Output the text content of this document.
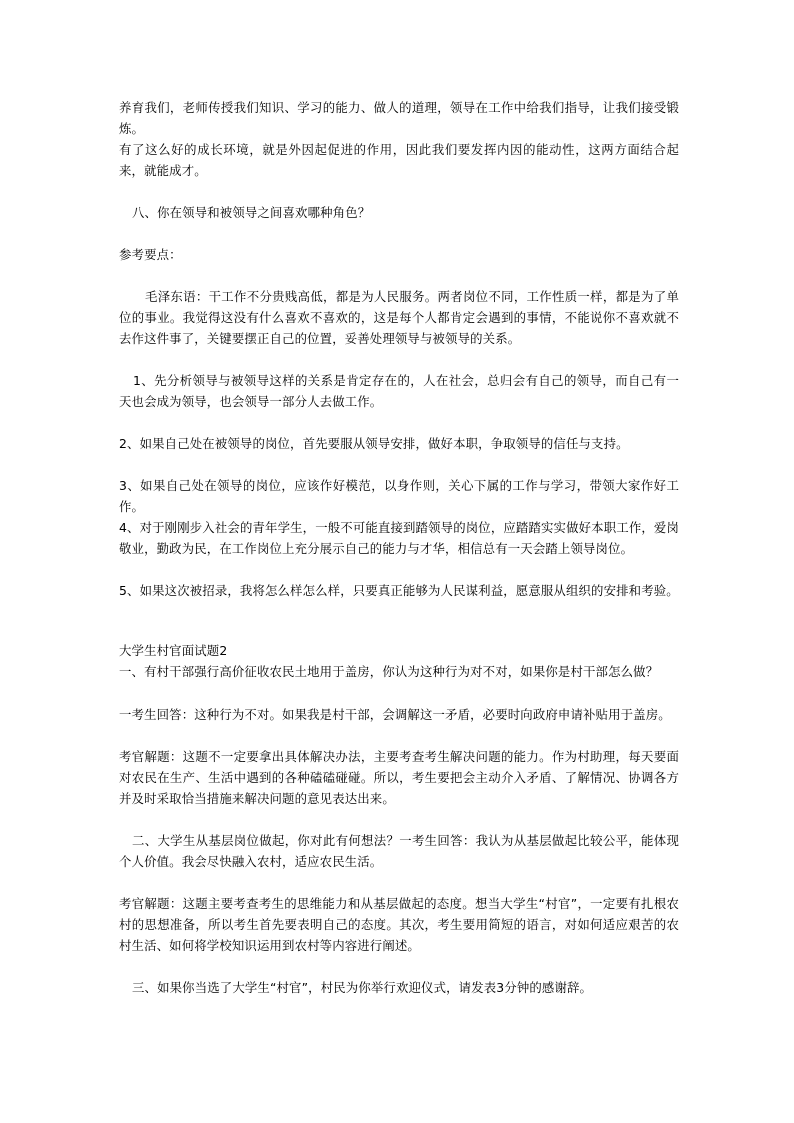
养育我们，老师传授我们知识、学习的能力、做人的道理，领导在工作中给我们指导，让我们接受锻炼。

有了这么好的成长环境，就是外因起促进的作用，因此我们要发挥内因的能动性，这两方面结合起来，就能成才。

八、你在领导和被领导之间喜欢哪种角色？

参考要点：

毛泽东语：干工作不分贵贱高低，都是为人民服务。两者岗位不同，工作性质一样，都是为了单位的事业。我觉得这没有什么喜欢不喜欢的，这是每个人都肯定会遇到的事情，不能说你不喜欢就不去作这件事了，关键要摆正自己的位置，妥善处理领导与被领导的关系。

1、先分析领导与被领导这样的关系是肯定存在的，人在社会，总归会有自己的领导，而自己有一天也会成为领导，也会领导一部分人去做工作。

2、如果自己处在被领导的岗位，首先要服从领导安排，做好本职，争取领导的信任与支持。

3、如果自己处在领导的岗位，应该作好模范，以身作则，关心下属的工作与学习，带领大家作好工作。

4、对于刚刚步入社会的青年学生，一般不可能直接到踏领导的岗位，应踏踏实实做好本职工作，爱岗敬业，勤政为民，在工作岗位上充分展示自己的能力与才华，相信总有一天会踏上领导岗位。

5、如果这次被招录，我将怎么样怎么样，只要真正能够为人民谋利益，愿意服从组织的安排和考验。

大学生村官面试题2

一、有村干部强行高价征收农民土地用于盖房，你认为这种行为对不对，如果你是村干部怎么做？

一考生回答：这种行为不对。如果我是村干部，会调解这一矛盾，必要时向政府申请补贴用于盖房。

考官解题：这题不一定要拿出具体解决办法，主要考查考生解决问题的能力。作为村助理，每天要面对农民在生产、生活中遇到的各种磕磕碰碰。所以，考生要把会主动介入矛盾、了解情况、协调各方并及时采取恰当措施来解决问题的意见表达出来。

二、大学生从基层岗位做起，你对此有何想法？一考生回答：我认为从基层做起比较公平，能体现个人价值。我会尽快融入农村，适应农民生活。

考官解题：这题主要考查考生的思维能力和从基层做起的态度。想当大学生“村官”，一定要有扎根农村的思想准备，所以考生首先要表明自己的态度。其次，考生要用简短的语言，对如何适应艰苦的农村生活、如何将学校知识运用到农村等内容进行阐述。

三、如果你当选了大学生“村官”，村民为你举行欢迎仪式，请发表3分钟的感谢辞。
